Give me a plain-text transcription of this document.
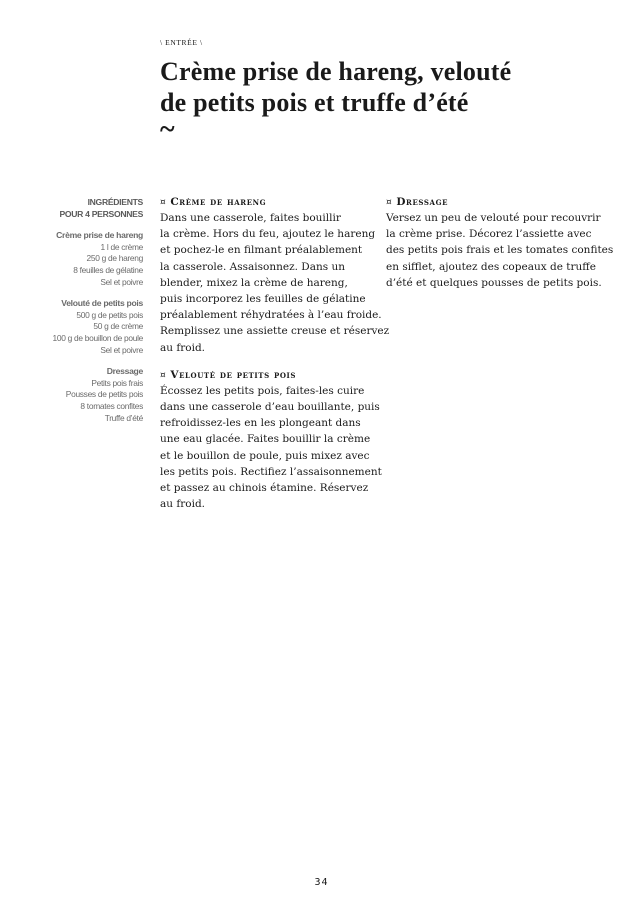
\ ENTRÉE \
Crème prise de hareng, velouté
de petits pois et truffe d’été
~
INGRÉDIENTS
POUR 4 PERSONNES
Crème prise de hareng
1 l de crème
250 g de hareng
8 feuilles de gélatine
Sel et poivre
Velouté de petits pois
500 g de petits pois
50 g de crème
100 g de bouillon de poule
Sel et poivre
Dressage
Petits pois frais
Pousses de petits pois
8 tomates confites
Truffe d’été
¤ Crème de hareng
Dans une casserole, faites bouillir
la crème. Hors du feu, ajoutez le hareng
et pochez-le en filmant préalablement
la casserole. Assaisonnez. Dans un
blender, mixez la crème de hareng,
puis incorporez les feuilles de gélatine
préalablement réhydratées à l’eau froide.
Remplissez une assiette creuse et réservez
au froid.
¤ Velouté de petits pois
Écossez les petits pois, faites-les cuire
dans une casserole d’eau bouillante, puis
refroidissez-les en les plongeant dans
une eau glacée. Faites bouillir la crème
et le bouillon de poule, puis mixez avec
les petits pois. Rectifiez l’assaisonnement
et passez au chinois étamine. Réservez
au froid.
¤ Dressage
Versez un peu de velouté pour recouvrir
la crème prise. Décorez l’assiette avec
des petits pois frais et les tomates confites
en sifflet, ajoutez des copeaux de truffe
d’été et quelques pousses de petits pois.
34
